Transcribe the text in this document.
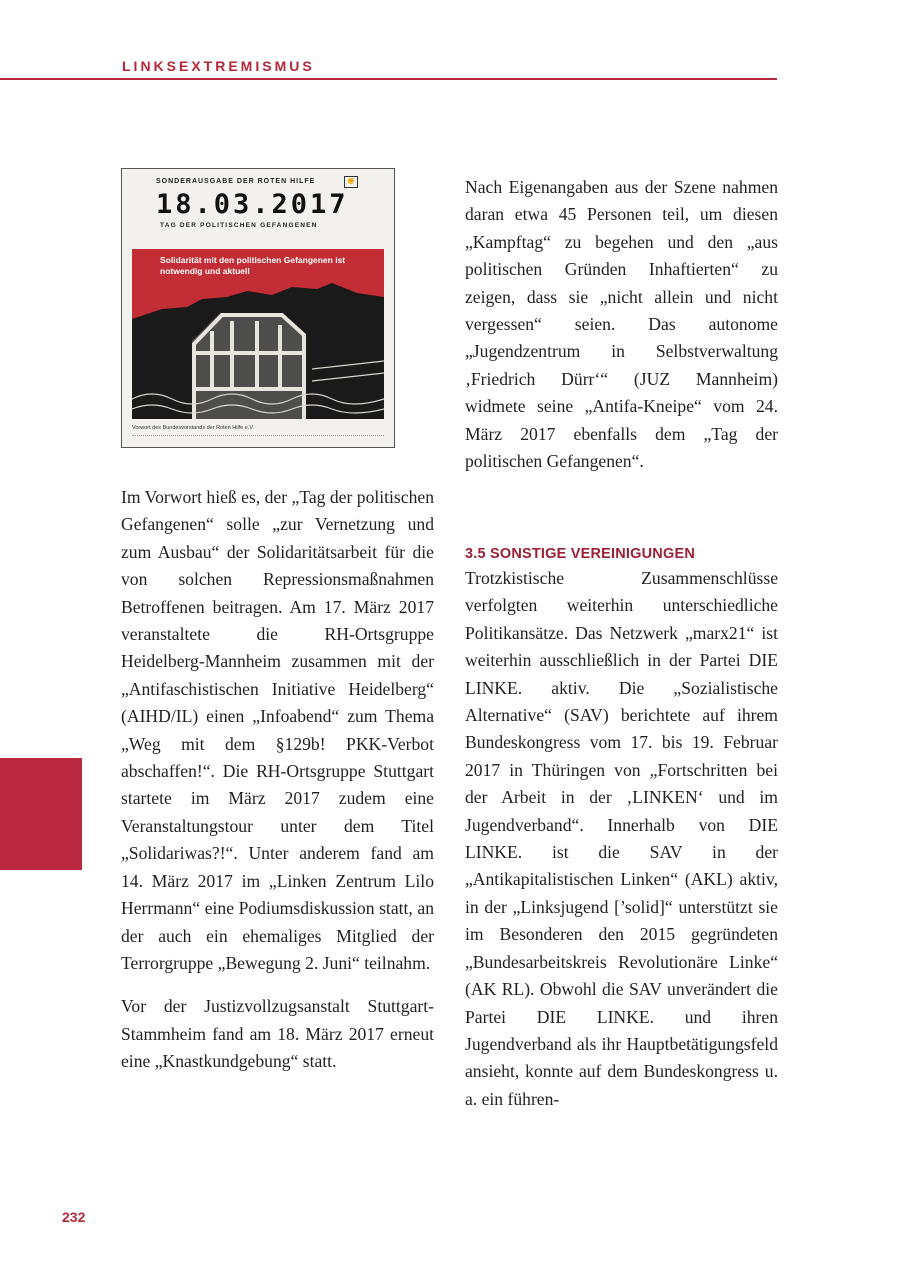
LINKSEXTREMISMUS
SONDERAUSGABE DER ROTEN HILFE	✊
18.03.2017
TAG DER POLITISCHEN GEFANGENEN
Solidarität mit den politischen Gefangenen ist notwendig und aktuell
Vorwort des Bundesvorstands der Roten Hilfe e.V.

Im Vorwort hieß es, der „Tag der politischen Gefangenen“ solle „zur Vernetzung und zum Ausbau“ der Solidaritätsarbeit für die von solchen Repressionsmaßnahmen Betroffenen beitragen. Am 17. März 2017 veranstaltete die RH-Ortsgruppe Heidelberg-Mannheim zusammen mit der „Antifaschistischen Initiative Heidelberg“ (AIHD/IL) einen „Infoabend“ zum Thema „Weg mit dem §129b! PKK-Verbot abschaffen!“. Die RH-Ortsgruppe Stuttgart startete im März 2017 zudem eine Veranstaltungstour unter dem Titel „Solidariwas?!“. Unter anderem fand am 14. März 2017 im „Linken Zentrum Lilo Herrmann“ eine Podiumsdiskussion statt, an der auch ein ehemaliges Mitglied der Terrorgruppe „Bewegung 2. Juni“ teilnahm.

Vor der Justizvollzugsanstalt Stuttgart-Stammheim fand am 18. März 2017 erneut eine „Knastkundgebung“ statt.

Nach Eigenangaben aus der Szene nahmen daran etwa 45 Personen teil, um diesen „Kampftag“ zu begehen und den „aus politischen Gründen Inhaftierten“ zu zeigen, dass sie „nicht allein und nicht vergessen“ seien. Das autonome „Jugendzentrum in Selbstverwaltung ‚Friedrich Dürr‘“ (JUZ Mannheim) widmete seine „Antifa-Kneipe“ vom 24. März 2017 ebenfalls dem „Tag der politischen Gefangenen“.

3.5 SONSTIGE VEREINIGUNGEN

Trotzkistische Zusammenschlüsse verfolgten weiterhin unterschiedliche Politikansätze. Das Netzwerk „marx21“ ist weiterhin ausschließlich in der Partei DIE LINKE. aktiv. Die „Sozialistische Alternative“ (SAV) berichtete auf ihrem Bundeskongress vom 17. bis 19. Februar 2017 in Thüringen von „Fortschritten bei der Arbeit in der ‚LINKEN‘ und im Jugendverband“. Innerhalb von DIE LINKE. ist die SAV in der „Antikapitalistischen Linken“ (AKL) aktiv, in der „Linksjugend [’solid]“ unterstützt sie im Besonderen den 2015 gegründeten „Bundesarbeitskreis Revolutionäre Linke“ (AK RL). Obwohl die SAV unverändert die Partei DIE LINKE. und ihren Jugendverband als ihr Hauptbetätigungsfeld ansieht, konnte auf dem Bundeskongress u. a. ein führen-

232
